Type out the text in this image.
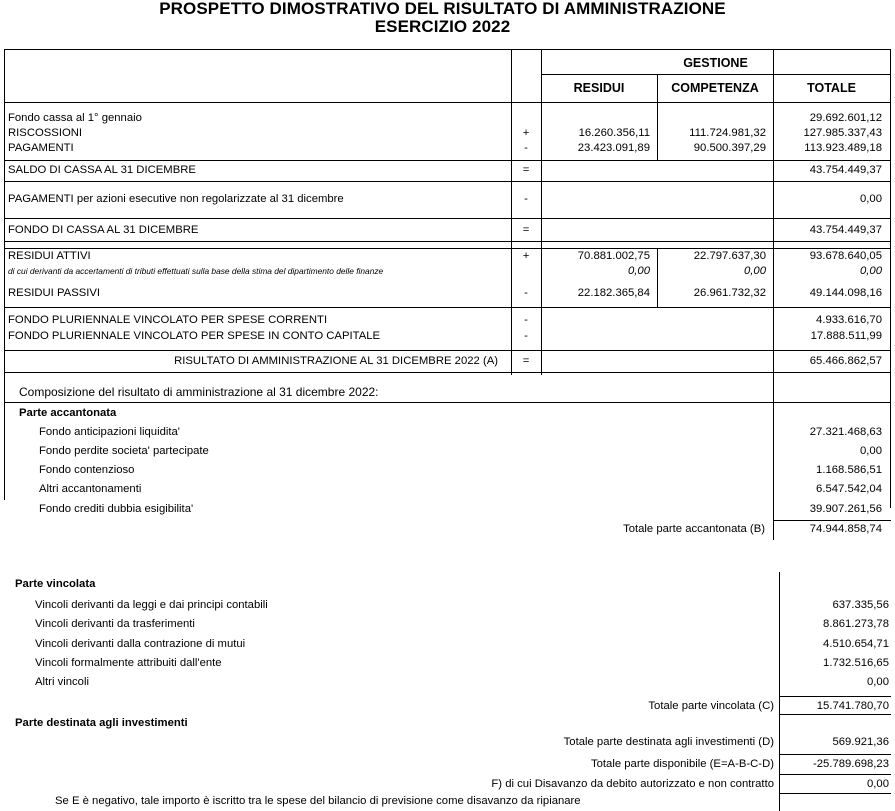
PROSPETTO DIMOSTRATIVO DEL RISULTATO DI AMMINISTRAZIONE
ESERCIZIO 2022
GESTIONE
RESIDUI	COMPETENZA	TOTALE
Fondo cassa al 1° gennaio	29.692.601,12
RISCOSSIONI	+	16.260.356,11	111.724.981,32	127.985.337,43
PAGAMENTI	-	23.423.091,89	90.500.397,29	113.923.489,18
SALDO DI CASSA AL 31 DICEMBRE	=	43.754.449,37
PAGAMENTI per azioni esecutive non regolarizzate al 31 dicembre	-	0,00
FONDO DI CASSA AL 31 DICEMBRE	=	43.754.449,37
RESIDUI ATTIVI	+	70.881.002,75	22.797.637,30	93.678.640,05
di cui derivanti da accertamenti di tributi effettuati sulla base della stima del dipartimento delle finanze	0,00	0,00	0,00
RESIDUI PASSIVI	-	22.182.365,84	26.961.732,32	49.144.098,16
FONDO PLURIENNALE VINCOLATO PER SPESE CORRENTI	-	4.933.616,70
FONDO PLURIENNALE VINCOLATO PER SPESE IN CONTO CAPITALE	-	17.888.511,99
RISULTATO DI AMMINISTRAZIONE AL 31 DICEMBRE 2022 (A)	=	65.466.862,57
Composizione del risultato di amministrazione al 31 dicembre 2022:
Parte accantonata
Fondo anticipazioni liquidita'	27.321.468,63
Fondo perdite societa' partecipate	0,00
Fondo contenzioso	1.168.586,51
Altri accantonamenti	6.547.542,04
Fondo crediti dubbia esigibilita'	39.907.261,56
Totale parte accantonata (B)	74.944.858,74
Parte vincolata
Vincoli derivanti da leggi e dai principi contabili	637.335,56
Vincoli derivanti da trasferimenti	8.861.273,78
Vincoli derivanti dalla contrazione di mutui	4.510.654,71
Vincoli formalmente attribuiti dall'ente	1.732.516,65
Altri vincoli	0,00
Totale parte vincolata (C)	15.741.780,70
Parte destinata agli investimenti
Totale parte destinata agli investimenti (D)	569.921,36
Totale parte disponibile (E=A-B-C-D)	-25.789.698,23
F) di cui Disavanzo da debito autorizzato e non contratto	0,00
Se E è negativo, tale importo è iscritto tra le spese del bilancio di previsione come disavanzo da ripianare
